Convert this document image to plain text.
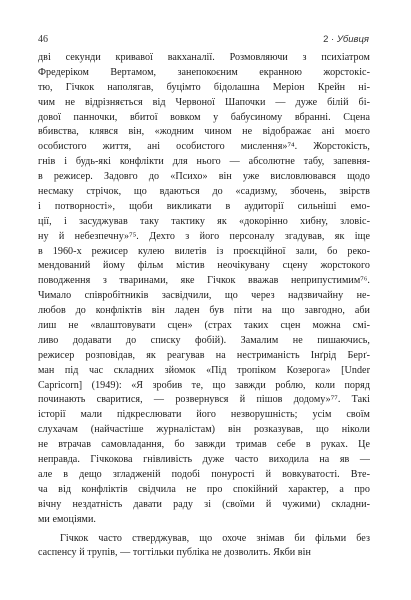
46	2 · Убивця
дві секунди кривавої вакханалії. Розмовляючи з психіатром
Фредеріком Вертамом, занепокоєним екранною жорстокіс-
тю, Гічкок наполягав, буцімто бідолашна Меріон Крейн ні-
чим не відрізняється від Червоної Шапочки — дуже білій бі-
дової панночки, вбитої вовком у бабусиному вбранні. Сцена
вбивства, клявся він, «жодним чином не відображає ані моєго
особистого життя, ані особистого мислення»⁷⁴. Жорстокість,
гнів і будь-які конфлікти для нього — абсолютне табу, запевня-
в режисер. Задовго до «Психо» він уже висловлювався щодо
несмаку стрічок, що вдаються до «садизму, збочень, звірств
і потворності», щоби викликати в аудиторії сильніші емо-
ції, і засуджував таку тактику як «докорінно хибну, зловіс-
ну й небезпечну»⁷⁵. Дехто з його персоналу згадував, як іще
в 1960-х режисер кулею вилетів із проєкційної зали, бо реко-
мендований йому фільм містив неочікувану сцену жорстокого
поводження з тваринами, яке Гічкок вважав неприпустимим⁷⁶.
Чимало співробітників засвідчили, що через надзвичайну не-
любов до конфліктів він ладен був піти на що завгодно, аби
лиш не «влаштовувати сцен» (страх таких сцен можна смі-
ливо додавати до списку фобій). Замалим не пишаючись,
режисер розповідав, як реагував на нестриманість Інґрід Берґ-
ман під час складних зйомок «Під тропіком Козерога» [Under
Capricorn] (1949): «Я зробив те, що завжди роблю, коли поряд
починають сваритися, — розвернувся й пішов додому»⁷⁷. Такі
історії мали підкреслювати його незворушність; усім своїм
слухачам (найчастіше журналістам) він розказував, що ніколи
не втрачав самовладання, бо завжди тримав себе в руках. Це
неправда. Гічкокова гнівливість дуже часто виходила на яв —
але в дещо згладженій подобі понурості й вовкуватості. Вте-
ча від конфліктів свідчила не про спокійний характер, а про
вічну нездатність давати раду зі (своїми й чужими) складни-
ми емоціями.
Гічкок часто стверджував, що охоче знімав би фільми без
саспенсу й трупів, — тогтільки публіка не дозволить. Якби він
